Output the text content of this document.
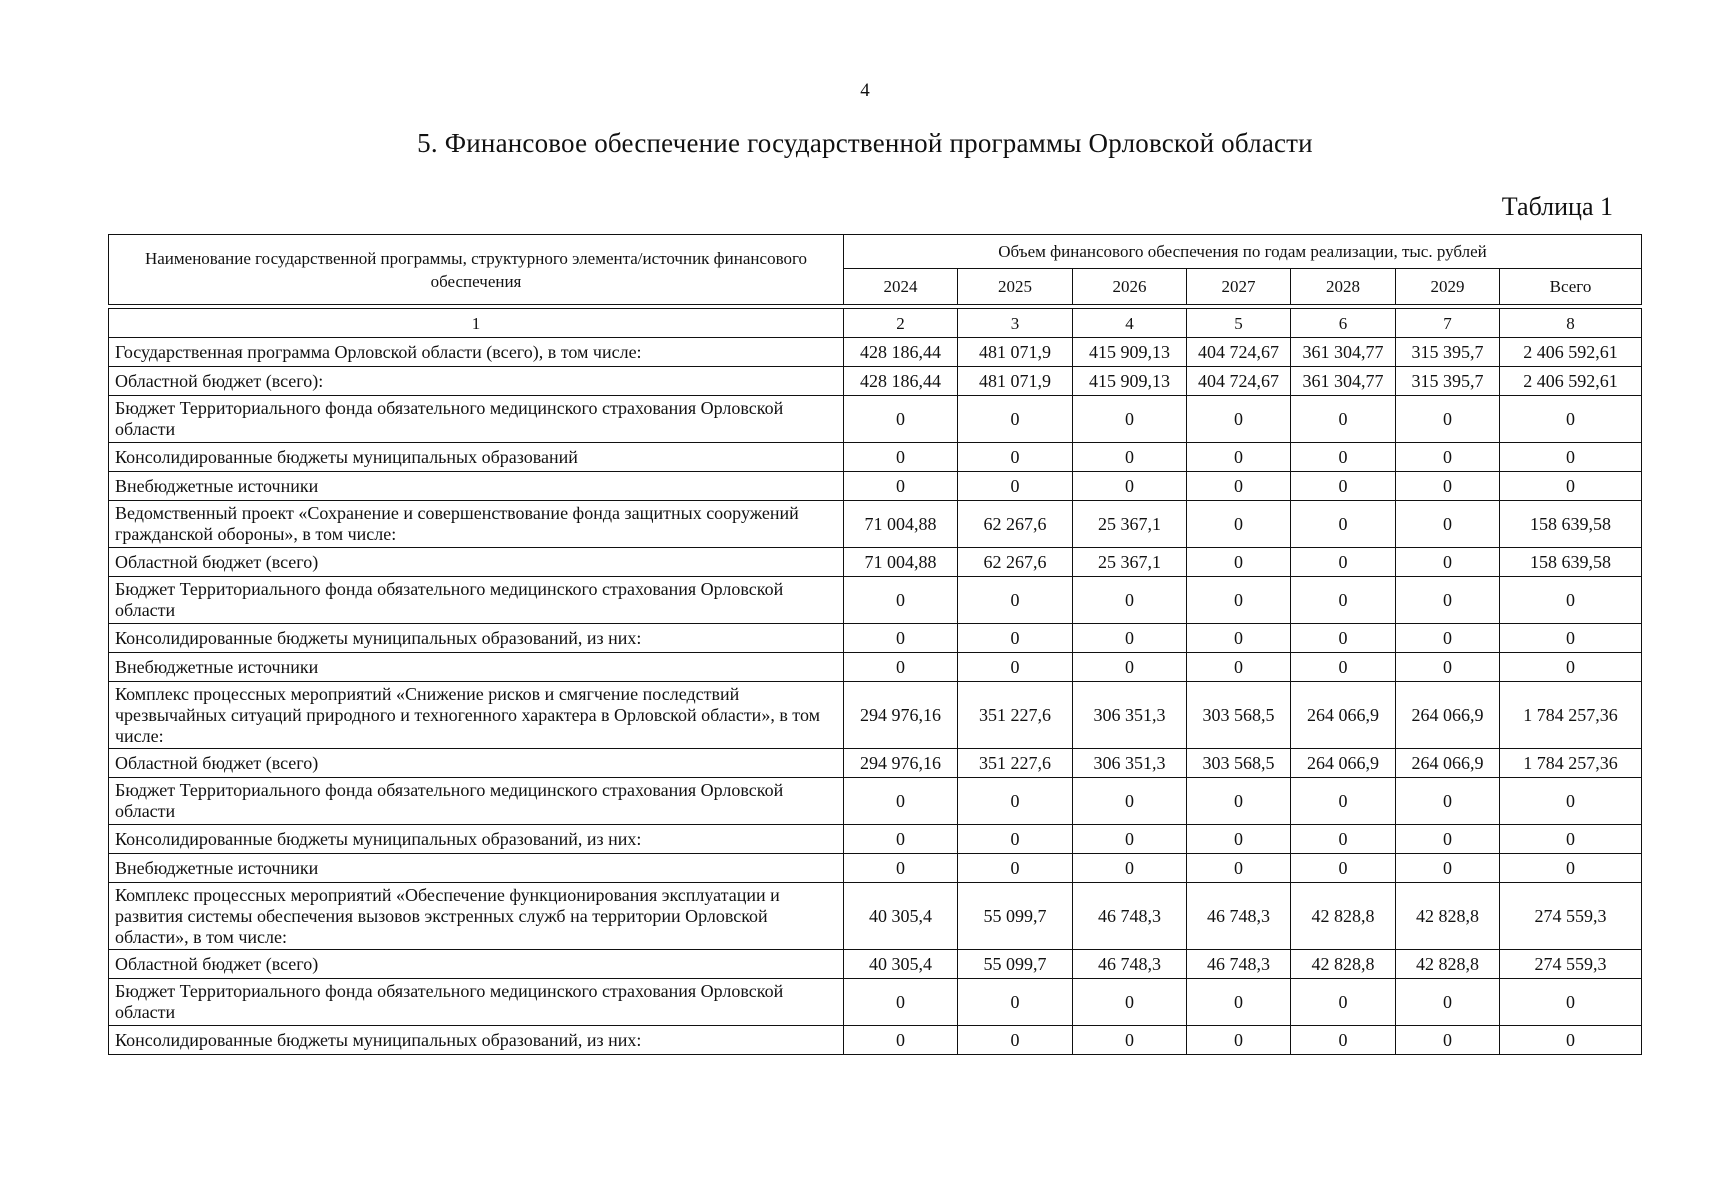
4
5. Финансовое обеспечение государственной программы Орловской области
Таблица 1
Наименование государственной программы, структурного элемента/источник финансового обеспечения	Объем финансового обеспечения по годам реализации, тыс. рублей						
	2024	2025	2026	2027	2028	2029	Всего

1	2	3	4	5	6	7	8
Государственная программа Орловской области (всего), в том числе:	428 186,44	481 071,9	415 909,13	404 724,67	361 304,77	315 395,7	2 406 592,61
Областной бюджет (всего):	428 186,44	481 071,9	415 909,13	404 724,67	361 304,77	315 395,7	2 406 592,61
Бюджет Территориального фонда обязательного медицинского страхования Орловской области	0	0	0	0	0	0	0
Консолидированные бюджеты муниципальных образований	0	0	0	0	0	0	0
Внебюджетные источники	0	0	0	0	0	0	0
Ведомственный проект «Сохранение и совершенствование фонда защитных сооружений гражданской обороны», в том числе:	71 004,88	62 267,6	25 367,1	0	0	0	158 639,58
Областной бюджет (всего)	71 004,88	62 267,6	25 367,1	0	0	0	158 639,58
Бюджет Территориального фонда обязательного медицинского страхования Орловской области	0	0	0	0	0	0	0
Консолидированные бюджеты муниципальных образований, из них:	0	0	0	0	0	0	0
Внебюджетные источники	0	0	0	0	0	0	0
Комплекс процессных мероприятий «Снижение рисков и смягчение последствий чрезвычайных ситуаций природного и техногенного характера в Орловской области», в том числе:	294 976,16	351 227,6	306 351,3	303 568,5	264 066,9	264 066,9	1 784 257,36
Областной бюджет (всего)	294 976,16	351 227,6	306 351,3	303 568,5	264 066,9	264 066,9	1 784 257,36
Бюджет Территориального фонда обязательного медицинского страхования Орловской области	0	0	0	0	0	0	0
Консолидированные бюджеты муниципальных образований, из них:	0	0	0	0	0	0	0
Внебюджетные источники	0	0	0	0	0	0	0
Комплекс процессных мероприятий «Обеспечение функционирования эксплуатации и развития системы обеспечения вызовов экстренных служб на территории Орловской области», в том числе:	40 305,4	55 099,7	46 748,3	46 748,3	42 828,8	42 828,8	274 559,3
Областной бюджет (всего)	40 305,4	55 099,7	46 748,3	46 748,3	42 828,8	42 828,8	274 559,3
Бюджет Территориального фонда обязательного медицинского страхования Орловской области	0	0	0	0	0	0	0
Консолидированные бюджеты муниципальных образований, из них:	0	0	0	0	0	0	0
